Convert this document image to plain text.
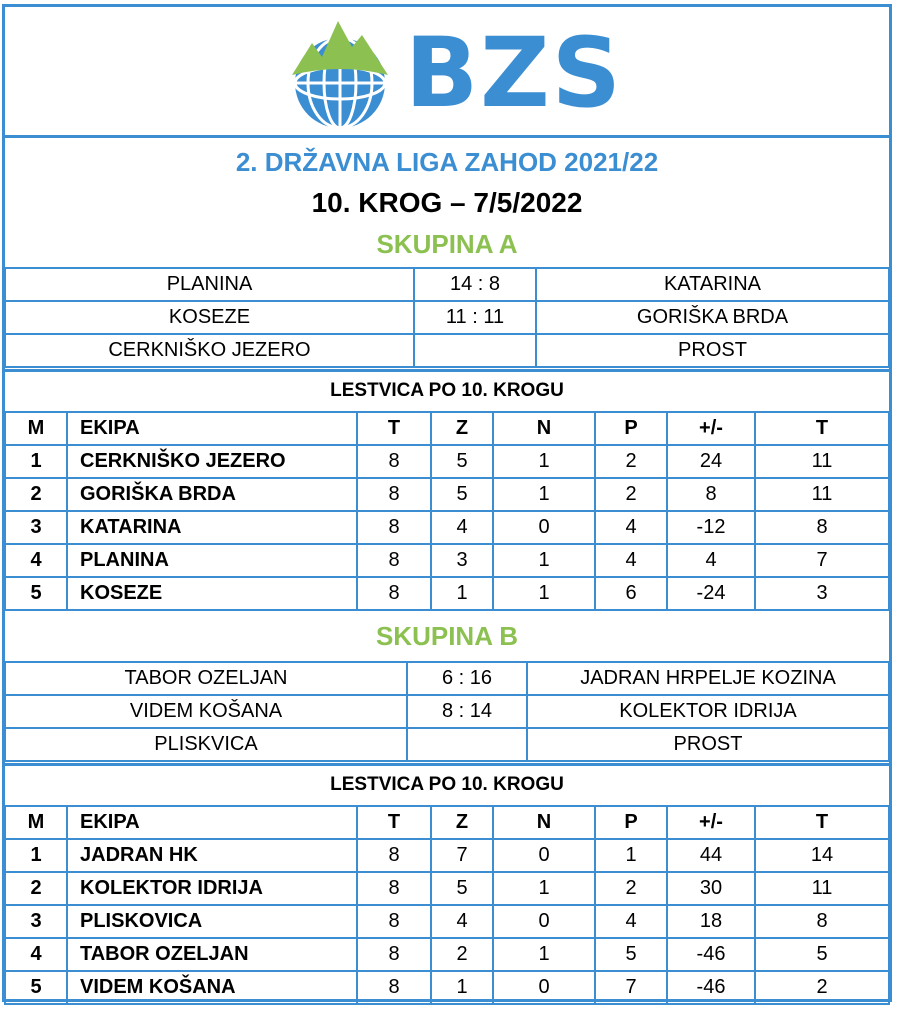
BZS
2. DRŽAVNA LIGA ZAHOD 2021/22
10. KROG – 7/5/2022
SKUPINA A
PLANINA	14 : 8	KATARINA
KOSEZE	11 : 11	GORIŠKA BRDA
CERKNIŠKO JEZERO		PROST
LESTVICA PO 10. KROGU
M	EKIPA	T	Z	N	P	+/-	T
1	CERKNIŠKO JEZERO	8	5	1	2	24	11
2	GORIŠKA BRDA	8	5	1	2	8	11
3	KATARINA	8	4	0	4	-12	8
4	PLANINA	8	3	1	4	4	7
5	KOSEZE	8	1	1	6	-24	3
SKUPINA B
TABOR OZELJAN	6 : 16	JADRAN HRPELJE KOZINA
VIDEM KOŠANA	8 : 14	KOLEKTOR IDRIJA
PLISKVICA		PROST
LESTVICA PO 10. KROGU
M	EKIPA	T	Z	N	P	+/-	T
1	JADRAN HK	8	7	0	1	44	14
2	KOLEKTOR IDRIJA	8	5	1	2	30	11
3	PLISKOVICA	8	4	0	4	18	8
4	TABOR OZELJAN	8	2	1	5	-46	5
5	VIDEM KOŠANA	8	1	0	7	-46	2
